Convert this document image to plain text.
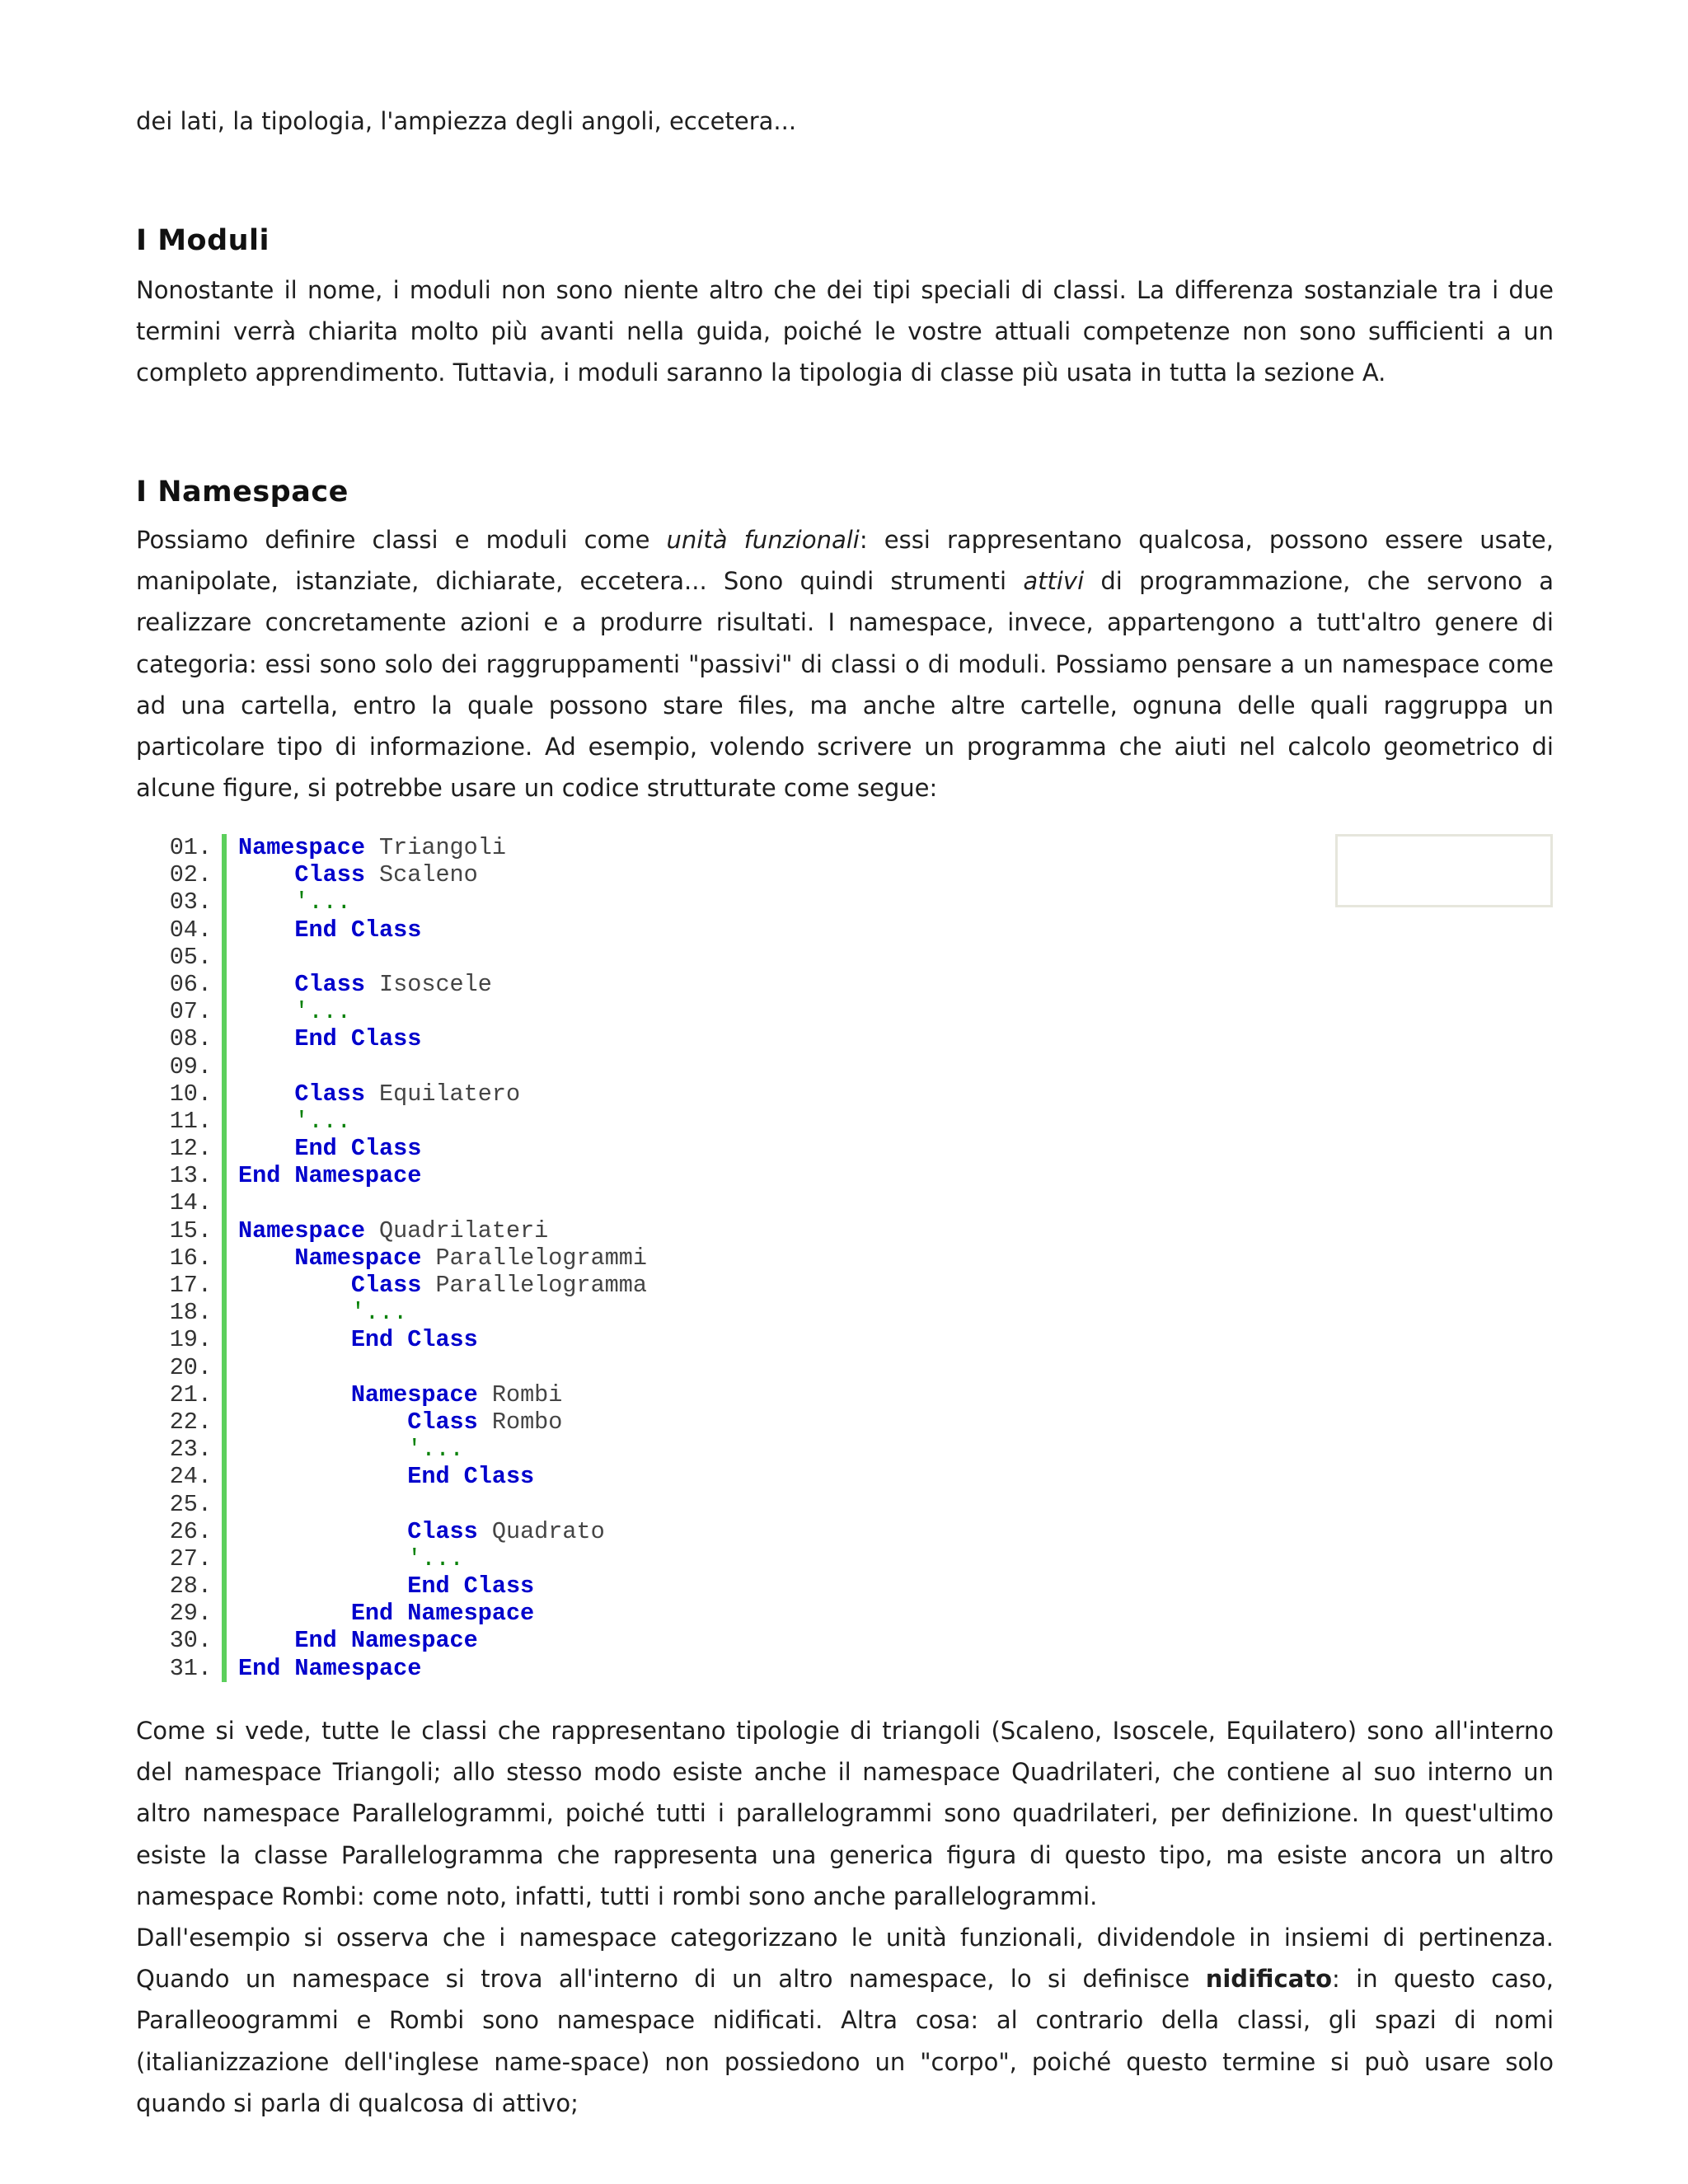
dei lati, la tipologia, l'ampiezza degli angoli, eccetera...

I Moduli

Nonostante il nome, i moduli non sono niente altro che dei tipi speciali di classi. La differenza sostanziale tra i due termini verrà chiarita molto più avanti nella guida, poiché le vostre attuali competenze non sono sufficienti a un completo apprendimento. Tuttavia, i moduli saranno la tipologia di classe più usata in tutta la sezione A.

I Namespace

Possiamo definire classi e moduli come unità funzionali: essi rappresentano qualcosa, possono essere usate, manipolate, istanziate, dichiarate, eccetera... Sono quindi strumenti attivi di programmazione, che servono a realizzare concretamente azioni e a produrre risultati. I namespace, invece, appartengono a tutt'altro genere di categoria: essi sono solo dei raggruppamenti "passivi" di classi o di moduli. Possiamo pensare a un namespace come ad una cartella, entro la quale possono stare files, ma anche altre cartelle, ognuna delle quali raggruppa un particolare tipo di informazione. Ad esempio, volendo scrivere un programma che aiuti nel calcolo geometrico di alcune figure, si potrebbe usare un codice strutturate come segue:

01. Namespace Triangoli
02.	Class Scaleno
03.	'...
04.	End Class
05.
06.	Class Isoscele
07.	'...
08.	End Class
09.
10.	Class Equilatero
11.	'...
12.	End Class
13. End Namespace
14.
15. Namespace Quadrilateri
16.	Namespace Parallelogrammi
17.	Class Parallelogramma
18.	'...
19.	End Class
20.
21.	Namespace Rombi
22.	Class Rombo
23.	'...
24.	End Class
25.
26.	Class Quadrato
27.	'...
28.	End Class
29.	End Namespace
30.	End Namespace
31. End Namespace

Come si vede, tutte le classi che rappresentano tipologie di triangoli (Scaleno, Isoscele, Equilatero) sono all'interno del namespace Triangoli; allo stesso modo esiste anche il namespace Quadrilateri, che contiene al suo interno un altro namespace Parallelogrammi, poiché tutti i parallelogrammi sono quadrilateri, per definizione. In quest'ultimo esiste la classe Parallelogramma che rappresenta una generica figura di questo tipo, ma esiste ancora un altro namespace Rombi: come noto, infatti, tutti i rombi sono anche parallelogrammi.

Dall'esempio si osserva che i namespace categorizzano le unità funzionali, dividendole in insiemi di pertinenza. Quando un namespace si trova all'interno di un altro namespace, lo si definisce nidificato: in questo caso, Paralleoogrammi e Rombi sono namespace nidificati. Altra cosa: al contrario della classi, gli spazi di nomi (italianizzazione dell'inglese name-space) non possiedono un "corpo", poiché questo termine si può usare solo quando si parla di qualcosa di attivo;
